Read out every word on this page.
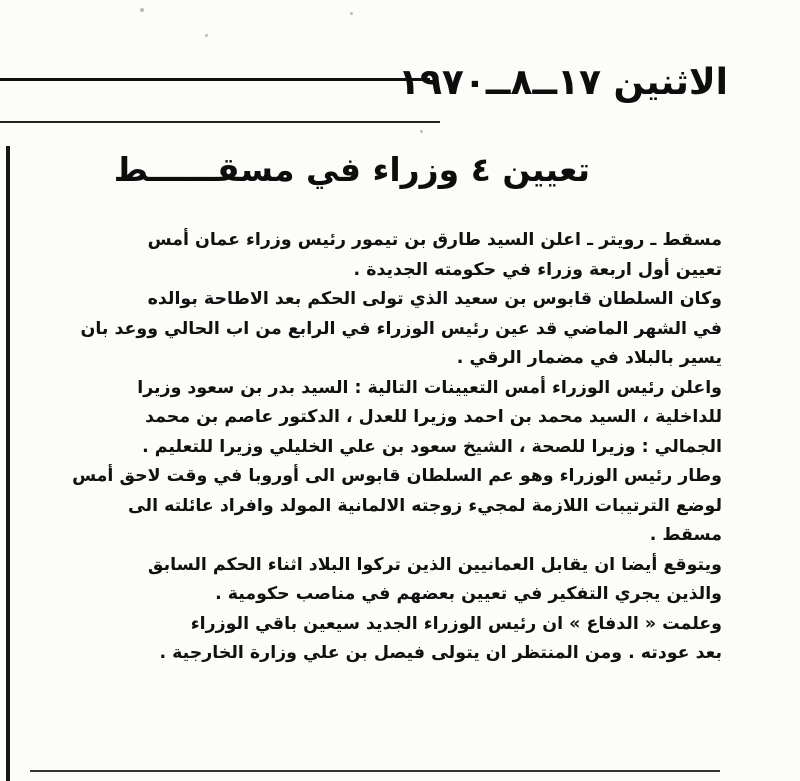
الاثنين ١٧ــ٨ــ١٩٧٠
تعيين ٤ وزراء في مسقــــــط
مسقط ـ رويتر ـ اعلن السيد طارق بن تيمور رئيس وزراء عمان أمس
تعيين أول اربعة وزراء في حكومته الجديدة .
وكان السلطان قابوس بن سعيد الذي تولى الحكم بعد الاطاحة بوالده
في الشهر الماضي قد عين رئيس الوزراء في الرابع من اب الحالي ووعد بان
يسير بالبلاد في مضمار الرقي .
واعلن رئيس الوزراء أمس التعيينات التالية : السيد بدر بن سعود وزيرا
للداخلية ، السيد محمد بن احمد وزيرا للعدل ، الدكتور عاصم بن محمد
الجمالي : وزيرا للصحة ، الشيخ سعود بن علي الخليلي وزيرا للتعليم .
وطار رئيس الوزراء وهو عم السلطان قابوس الى أوروبا في وقت لاحق أمس
لوضع الترتيبات اللازمة لمجيء زوجته الالمانية المولد وافراد عائلته الى
مسقط .
ويتوقع أيضا ان يقابل العمانيين الذين تركوا البلاد اثناء الحكم السابق
والذين يجري التفكير في تعيين بعضهم في مناصب حكومية .
وعلمت « الدفاع » ان رئيس الوزراء الجديد سيعين باقي الوزراء
بعد عودته . ومن المنتظر ان يتولى فيصل بن علي وزارة الخارجية .
